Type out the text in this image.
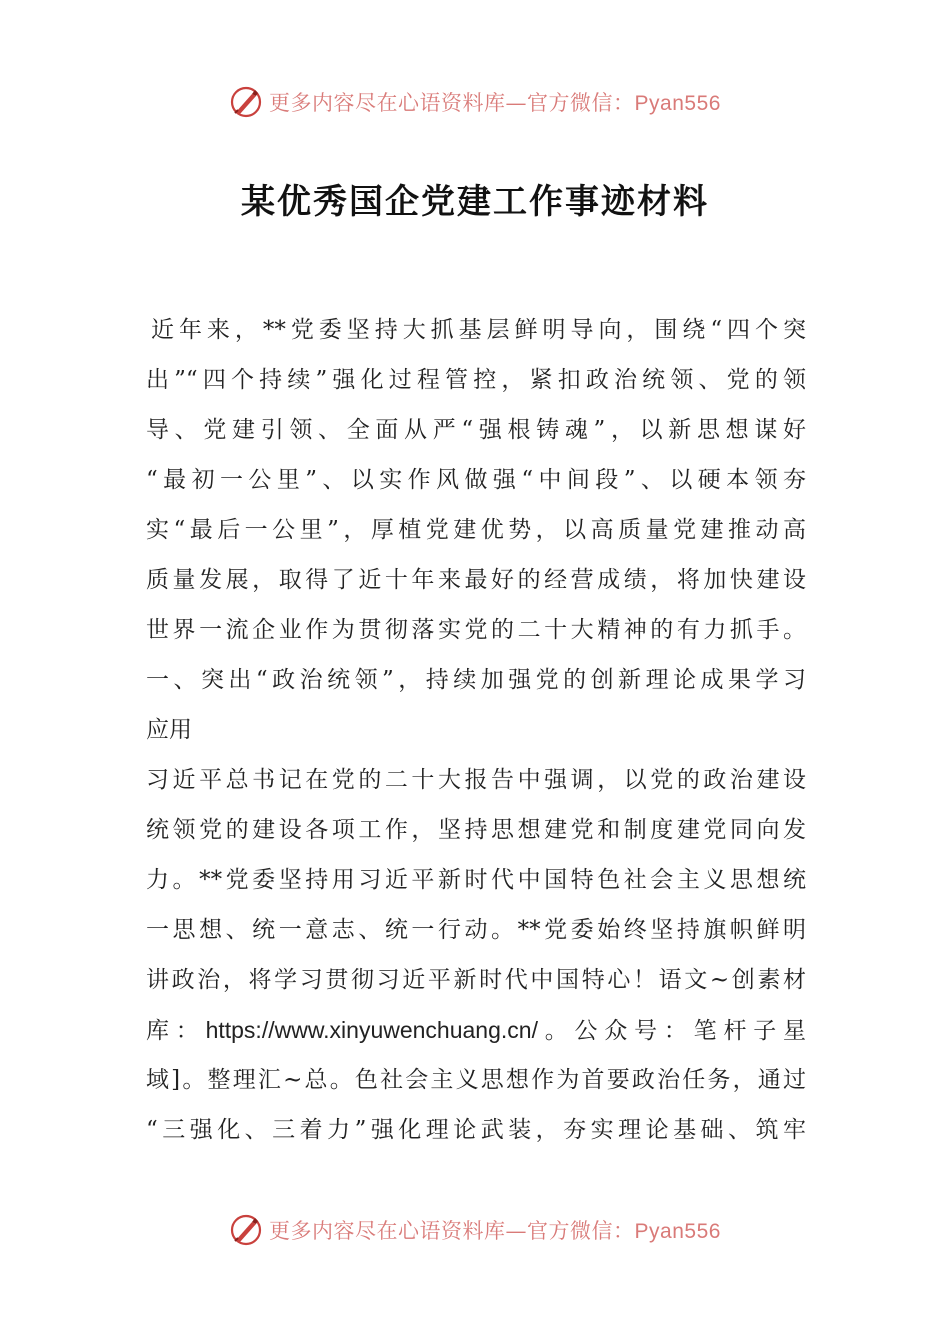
更多内容尽在心语资料库—官方微信：Pyan556
某优秀国企党建工作事迹材料
近年来，**党委坚持大抓基层鲜明导向，围绕“四个突
出”“四个持续”强化过程管控，紧扣政治统领、党的领
导、党建引领、全面从严“强根铸魂”，以新思想谋好
“最初一公里”、以实作风做强“中间段”、以硬本领夯
实“最后一公里”，厚植党建优势，以高质量党建推动高
质量发展，取得了近十年来最好的经营成绩，将加快建设
世界一流企业作为贯彻落实党的二十大精神的有力抓手。
一、突出“政治统领”，持续加强党的创新理论成果学习
应用
习近平总书记在党的二十大报告中强调，以党的政治建设
统领党的建设各项工作，坚持思想建党和制度建党同向发
力。**党委坚持用习近平新时代中国特色社会主义思想统
一思想、统一意志、统一行动。**党委始终坚持旗帜鲜明
讲政治，将学习贯彻习近平新时代中国特心！语文~创素材
库：https://www.xinyuwenchuang.cn/。公众号：笔杆子星
域]。整理汇~总。色社会主义思想作为首要政治任务，通过
“三强化、三着力”强化理论武装，夯实理论基础、筑牢
更多内容尽在心语资料库—官方微信：Pyan556
